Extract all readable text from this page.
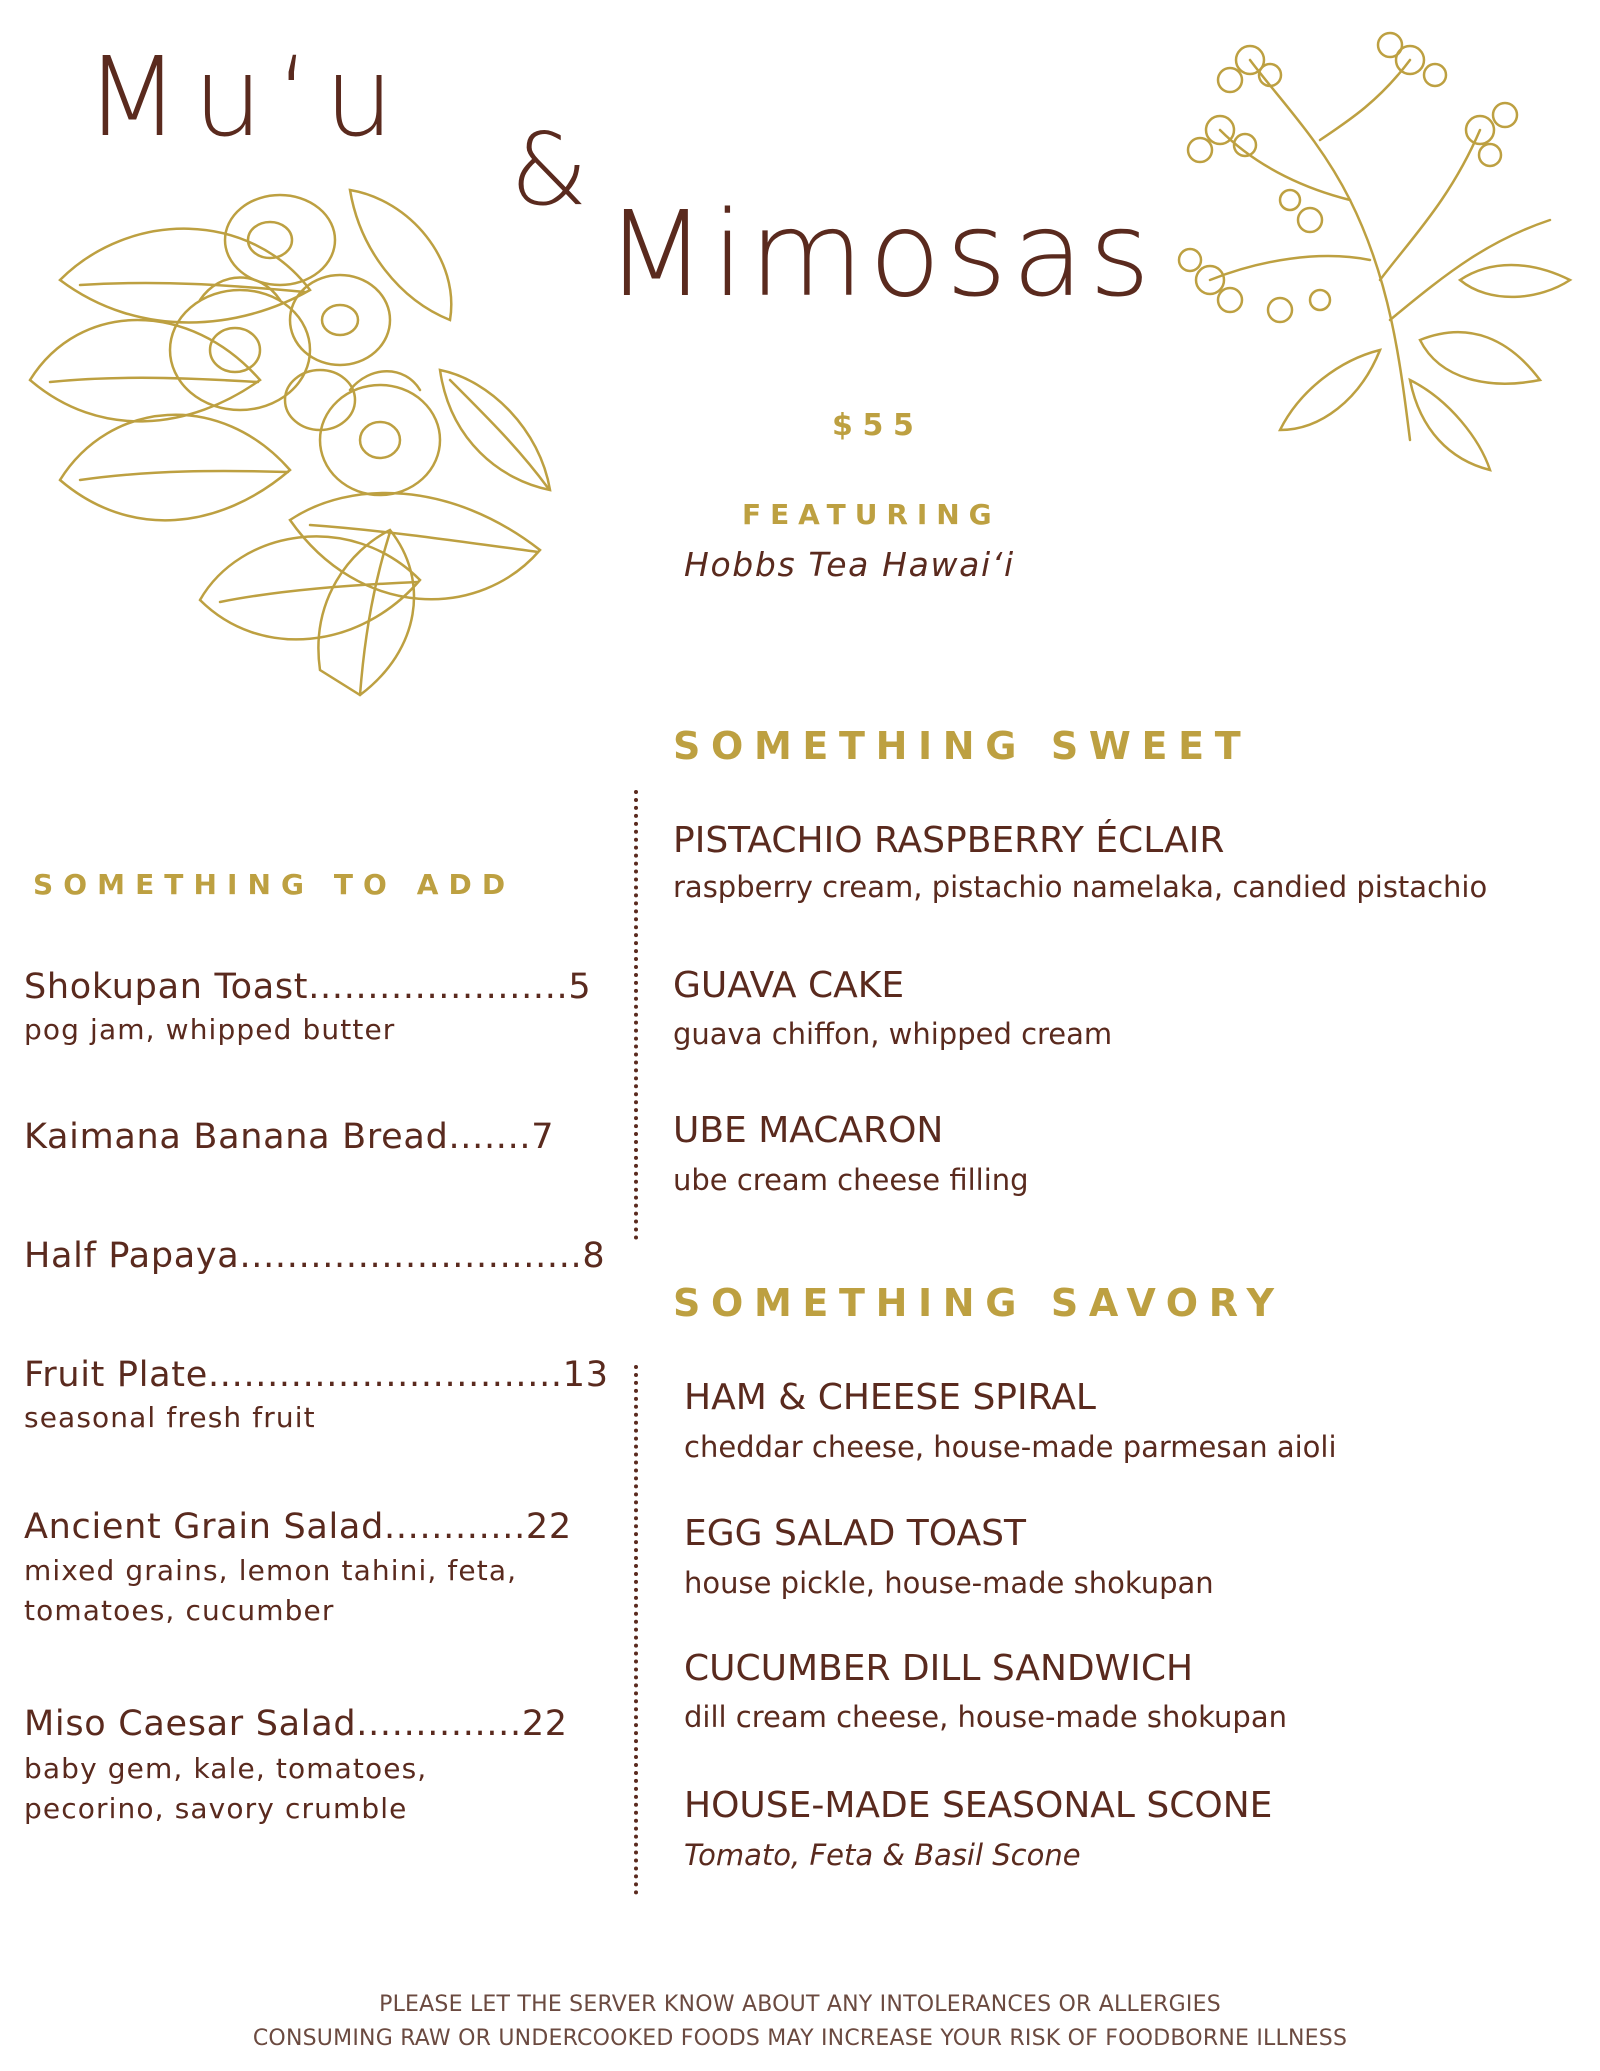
Muʻu
&
Mimosas
$55
FEATURING
Hobbs Tea Hawaiʻi
SOMETHING SWEET
PISTACHIO RASPBERRY ÉCLAIR
raspberry cream, pistachio namelaka, candied pistachio
GUAVA CAKE
guava chiffon, whipped cream
UBE MACARON
ube cream cheese filling
SOMETHING SAVORY
HAM & CHEESE SPIRAL
cheddar cheese, house-made parmesan aioli
EGG SALAD TOAST
house pickle, house-made shokupan
CUCUMBER DILL SANDWICH
dill cream cheese, house-made shokupan
HOUSE-MADE SEASONAL SCONE
Tomato, Feta & Basil Scone
SOMETHING TO ADD
Shokupan Toast......................5
pog jam, whipped butter
Kaimana Banana Bread.......7
Half Papaya.............................8
Fruit Plate..............................13
seasonal fresh fruit
Ancient Grain Salad............22
mixed grains, lemon tahini, feta,
tomatoes, cucumber
Miso Caesar Salad..............22
baby gem, kale, tomatoes,
pecorino, savory crumble
PLEASE LET THE SERVER KNOW ABOUT ANY INTOLERANCES OR ALLERGIES
CONSUMING RAW OR UNDERCOOKED FOODS MAY INCREASE YOUR RISK OF FOODBORNE ILLNESS
